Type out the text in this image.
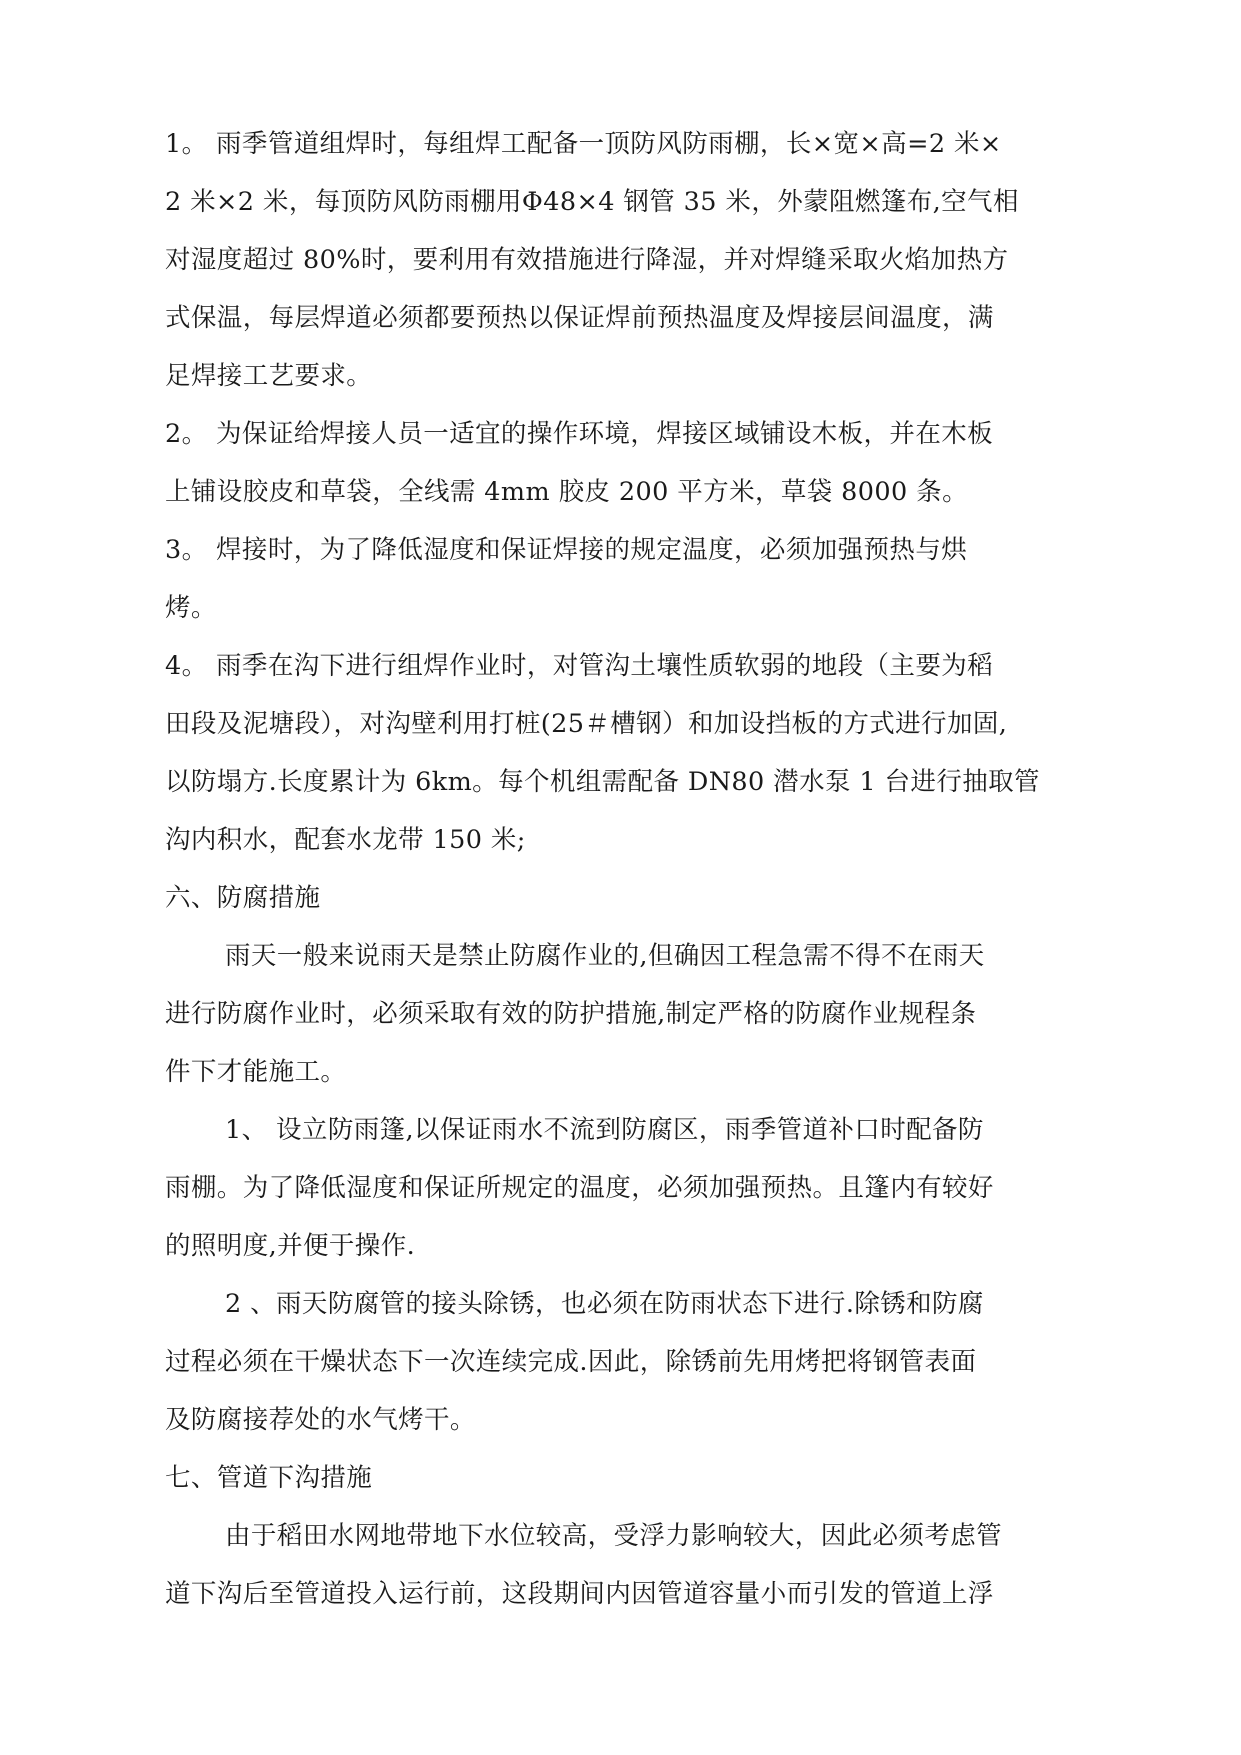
1。 雨季管道组焊时，每组焊工配备一顶防风防雨棚，长×宽×高=2 米×
2 米×2 米，每顶防风防雨棚用Φ48×4 钢管 35 米，外蒙阻燃篷布,空气相
对湿度超过 80%时，要利用有效措施进行降湿，并对焊缝采取火焰加热方
式保温，每层焊道必须都要预热以保证焊前预热温度及焊接层间温度，满
足焊接工艺要求。
2。 为保证给焊接人员一适宜的操作环境，焊接区域铺设木板，并在木板
上铺设胶皮和草袋，全线需 4mm 胶皮 200 平方米，草袋 8000 条。
3。 焊接时，为了降低湿度和保证焊接的规定温度，必须加强预热与烘
烤。
4。 雨季在沟下进行组焊作业时，对管沟土壤性质软弱的地段（主要为稻
田段及泥塘段），对沟壁利用打桩(25＃槽钢）和加设挡板的方式进行加固,
以防塌方.长度累计为 6km。每个机组需配备 DN80 潜水泵 1 台进行抽取管
沟内积水，配套水龙带 150 米;
六、防腐措施
雨天一般来说雨天是禁止防腐作业的,但确因工程急需不得不在雨天
进行防腐作业时，必须采取有效的防护措施,制定严格的防腐作业规程条
件下才能施工。
1、 设立防雨篷,以保证雨水不流到防腐区，雨季管道补口时配备防
雨棚。为了降低湿度和保证所规定的温度，必须加强预热。且篷内有较好
的照明度,并便于操作.
2 、雨天防腐管的接头除锈，也必须在防雨状态下进行.除锈和防腐
过程必须在干燥状态下一次连续完成.因此，除锈前先用烤把将钢管表面
及防腐接荐处的水气烤干。
七、管道下沟措施
由于稻田水网地带地下水位较高，受浮力影响较大，因此必须考虑管
道下沟后至管道投入运行前，这段期间内因管道容量小而引发的管道上浮
